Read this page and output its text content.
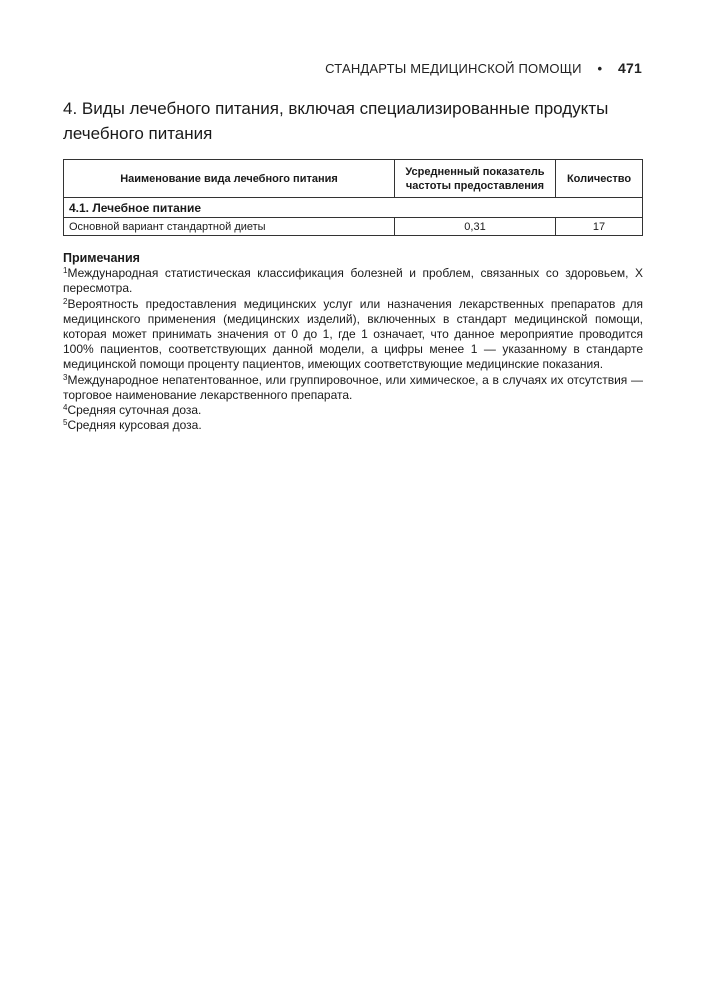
СТАНДАРТЫ МЕДИЦИНСКОЙ ПОМОЩИ • 471
4. Виды лечебного питания, включая специализированные продукты лечебного питания
Наименование вида лечебного питания	Усредненный показатель частоты предоставления	Количество
4.1. Лечебное питание		
Основной вариант стандартной диеты	0,31	17
Примечания

$^1$Международная статистическая классификация болезней и проблем, связанных со здоровьем, X пересмотра.

$^2$Вероятность предоставления медицинских услуг или назначения лекарственных препаратов для медицинского применения (медицинских изделий), включенных в стандарт медицинской помощи, которая может принимать значения от 0 до 1, где 1 означает, что данное мероприятие проводится 100% пациентов, соответствующих данной модели, а цифры менее 1 — указанному в стандарте медицинской помощи проценту пациентов, имеющих соответствующие медицинские показания.

$^3$Международное непатентованное, или группировочное, или химическое, а в случаях их отсутствия — торговое наименование лекарственного препарата.

$^4$Средняя суточная доза.

$^5$Средняя курсовая доза.
